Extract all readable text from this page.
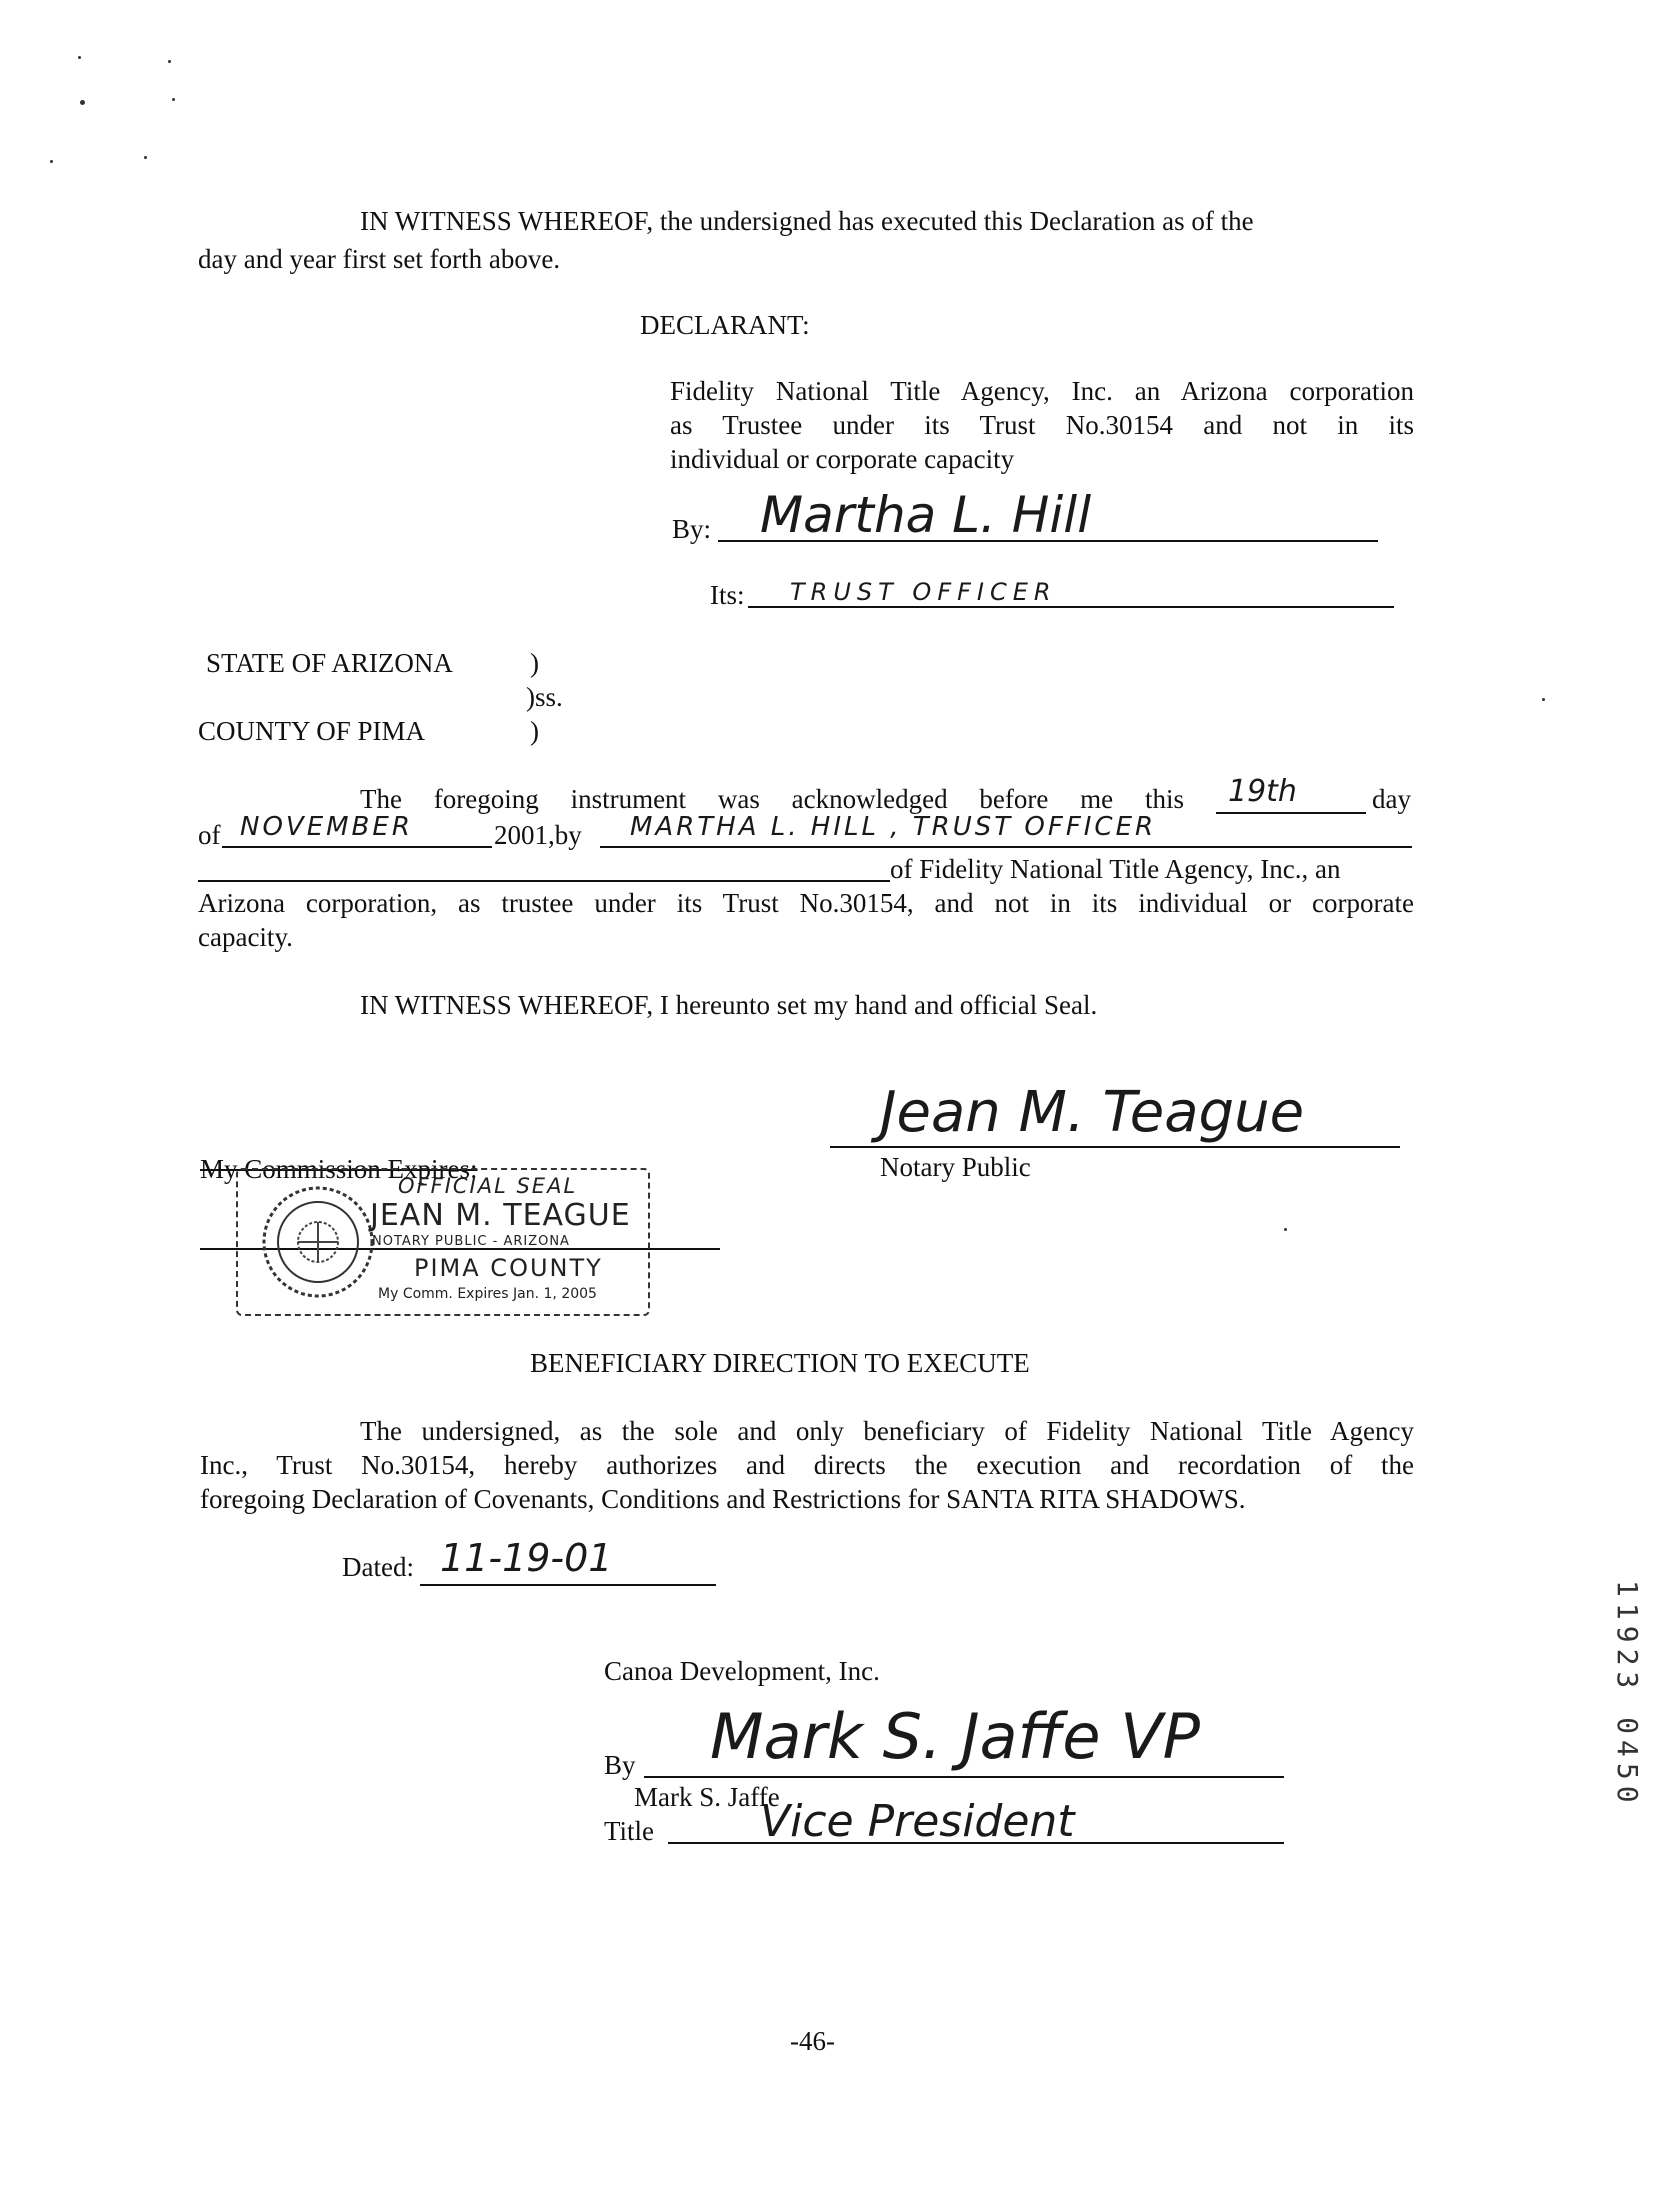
IN WITNESS WHEREOF, the undersigned has executed this Declaration as of the
day and year first set forth above.
DECLARANT:
Fidelity National Title Agency, Inc. an Arizona corporation
as Trustee under its Trust No.30154 and not in its
individual or corporate capacity
By: Martha L. Hill
Its: TRUST OFFICER
STATE OF ARIZONA	)
)ss.
COUNTY OF PIMA	)
The foregoing instrument was acknowledged before me this 19th	day
of NOVEMBER	2001,by MARTHA L. HILL , TRUST OFFICER
of Fidelity National Title Agency, Inc., an
Arizona corporation, as trustee under its Trust No.30154, and not in its individual or corporate
capacity.
IN WITNESS WHEREOF, I hereunto set my hand and official Seal.
Jean M. Teague
Notary Public
My Commission Expires:
OFFICIAL SEAL
JEAN M. TEAGUE
NOTARY PUBLIC - ARIZONA
PIMA COUNTY
My Comm. Expires Jan. 1, 2005
BENEFICIARY DIRECTION TO EXECUTE
The undersigned, as the sole and only beneficiary of Fidelity National Title Agency
Inc., Trust No.30154, hereby authorizes and directs the execution and recordation of the
foregoing Declaration of Covenants, Conditions and Restrictions for SANTA RITA SHADOWS.
Dated: 11-19-01
Canoa Development, Inc.
By Mark S. Jaffe VP
Mark S. Jaffe
Title Vice President
-46-
11923 0450
